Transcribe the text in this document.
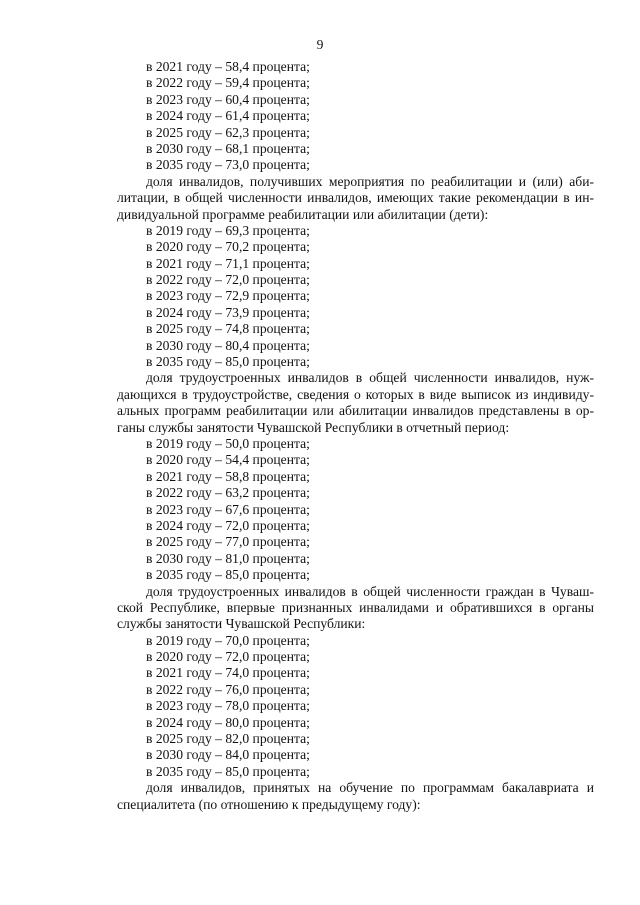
9
в 2021 году – 58,4 процента;
в 2022 году – 59,4 процента;
в 2023 году – 60,4 процента;
в 2024 году – 61,4 процента;
в 2025 году – 62,3 процента;
в 2030 году – 68,1 процента;
в 2035 году – 73,0 процента;
доля инвалидов, получивших мероприятия по реабилитации и (или) аби-
литации, в общей численности инвалидов, имеющих такие рекомендации в ин-
дивидуальной программе реабилитации или абилитации (дети):
в 2019 году – 69,3 процента;
в 2020 году – 70,2 процента;
в 2021 году – 71,1 процента;
в 2022 году – 72,0 процента;
в 2023 году – 72,9 процента;
в 2024 году – 73,9 процента;
в 2025 году – 74,8 процента;
в 2030 году – 80,4 процента;
в 2035 году – 85,0 процента;
доля трудоустроенных инвалидов в общей численности инвалидов, нуж-
дающихся в трудоустройстве, сведения о которых в виде выписок из индивиду-
альных программ реабилитации или абилитации инвалидов представлены в ор-
ганы службы занятости Чувашской Республики в отчетный период:
в 2019 году – 50,0 процента;
в 2020 году – 54,4 процента;
в 2021 году – 58,8 процента;
в 2022 году – 63,2 процента;
в 2023 году – 67,6 процента;
в 2024 году – 72,0 процента;
в 2025 году – 77,0 процента;
в 2030 году – 81,0 процента;
в 2035 году – 85,0 процента;
доля трудоустроенных инвалидов в общей численности граждан в Чуваш-
ской Республике, впервые признанных инвалидами и обратившихся в органы
службы занятости Чувашской Республики:
в 2019 году – 70,0 процента;
в 2020 году – 72,0 процента;
в 2021 году – 74,0 процента;
в 2022 году – 76,0 процента;
в 2023 году – 78,0 процента;
в 2024 году – 80,0 процента;
в 2025 году – 82,0 процента;
в 2030 году – 84,0 процента;
в 2035 году – 85,0 процента;
доля инвалидов, принятых на обучение по программам бакалавриата и
специалитета (по отношению к предыдущему году):
